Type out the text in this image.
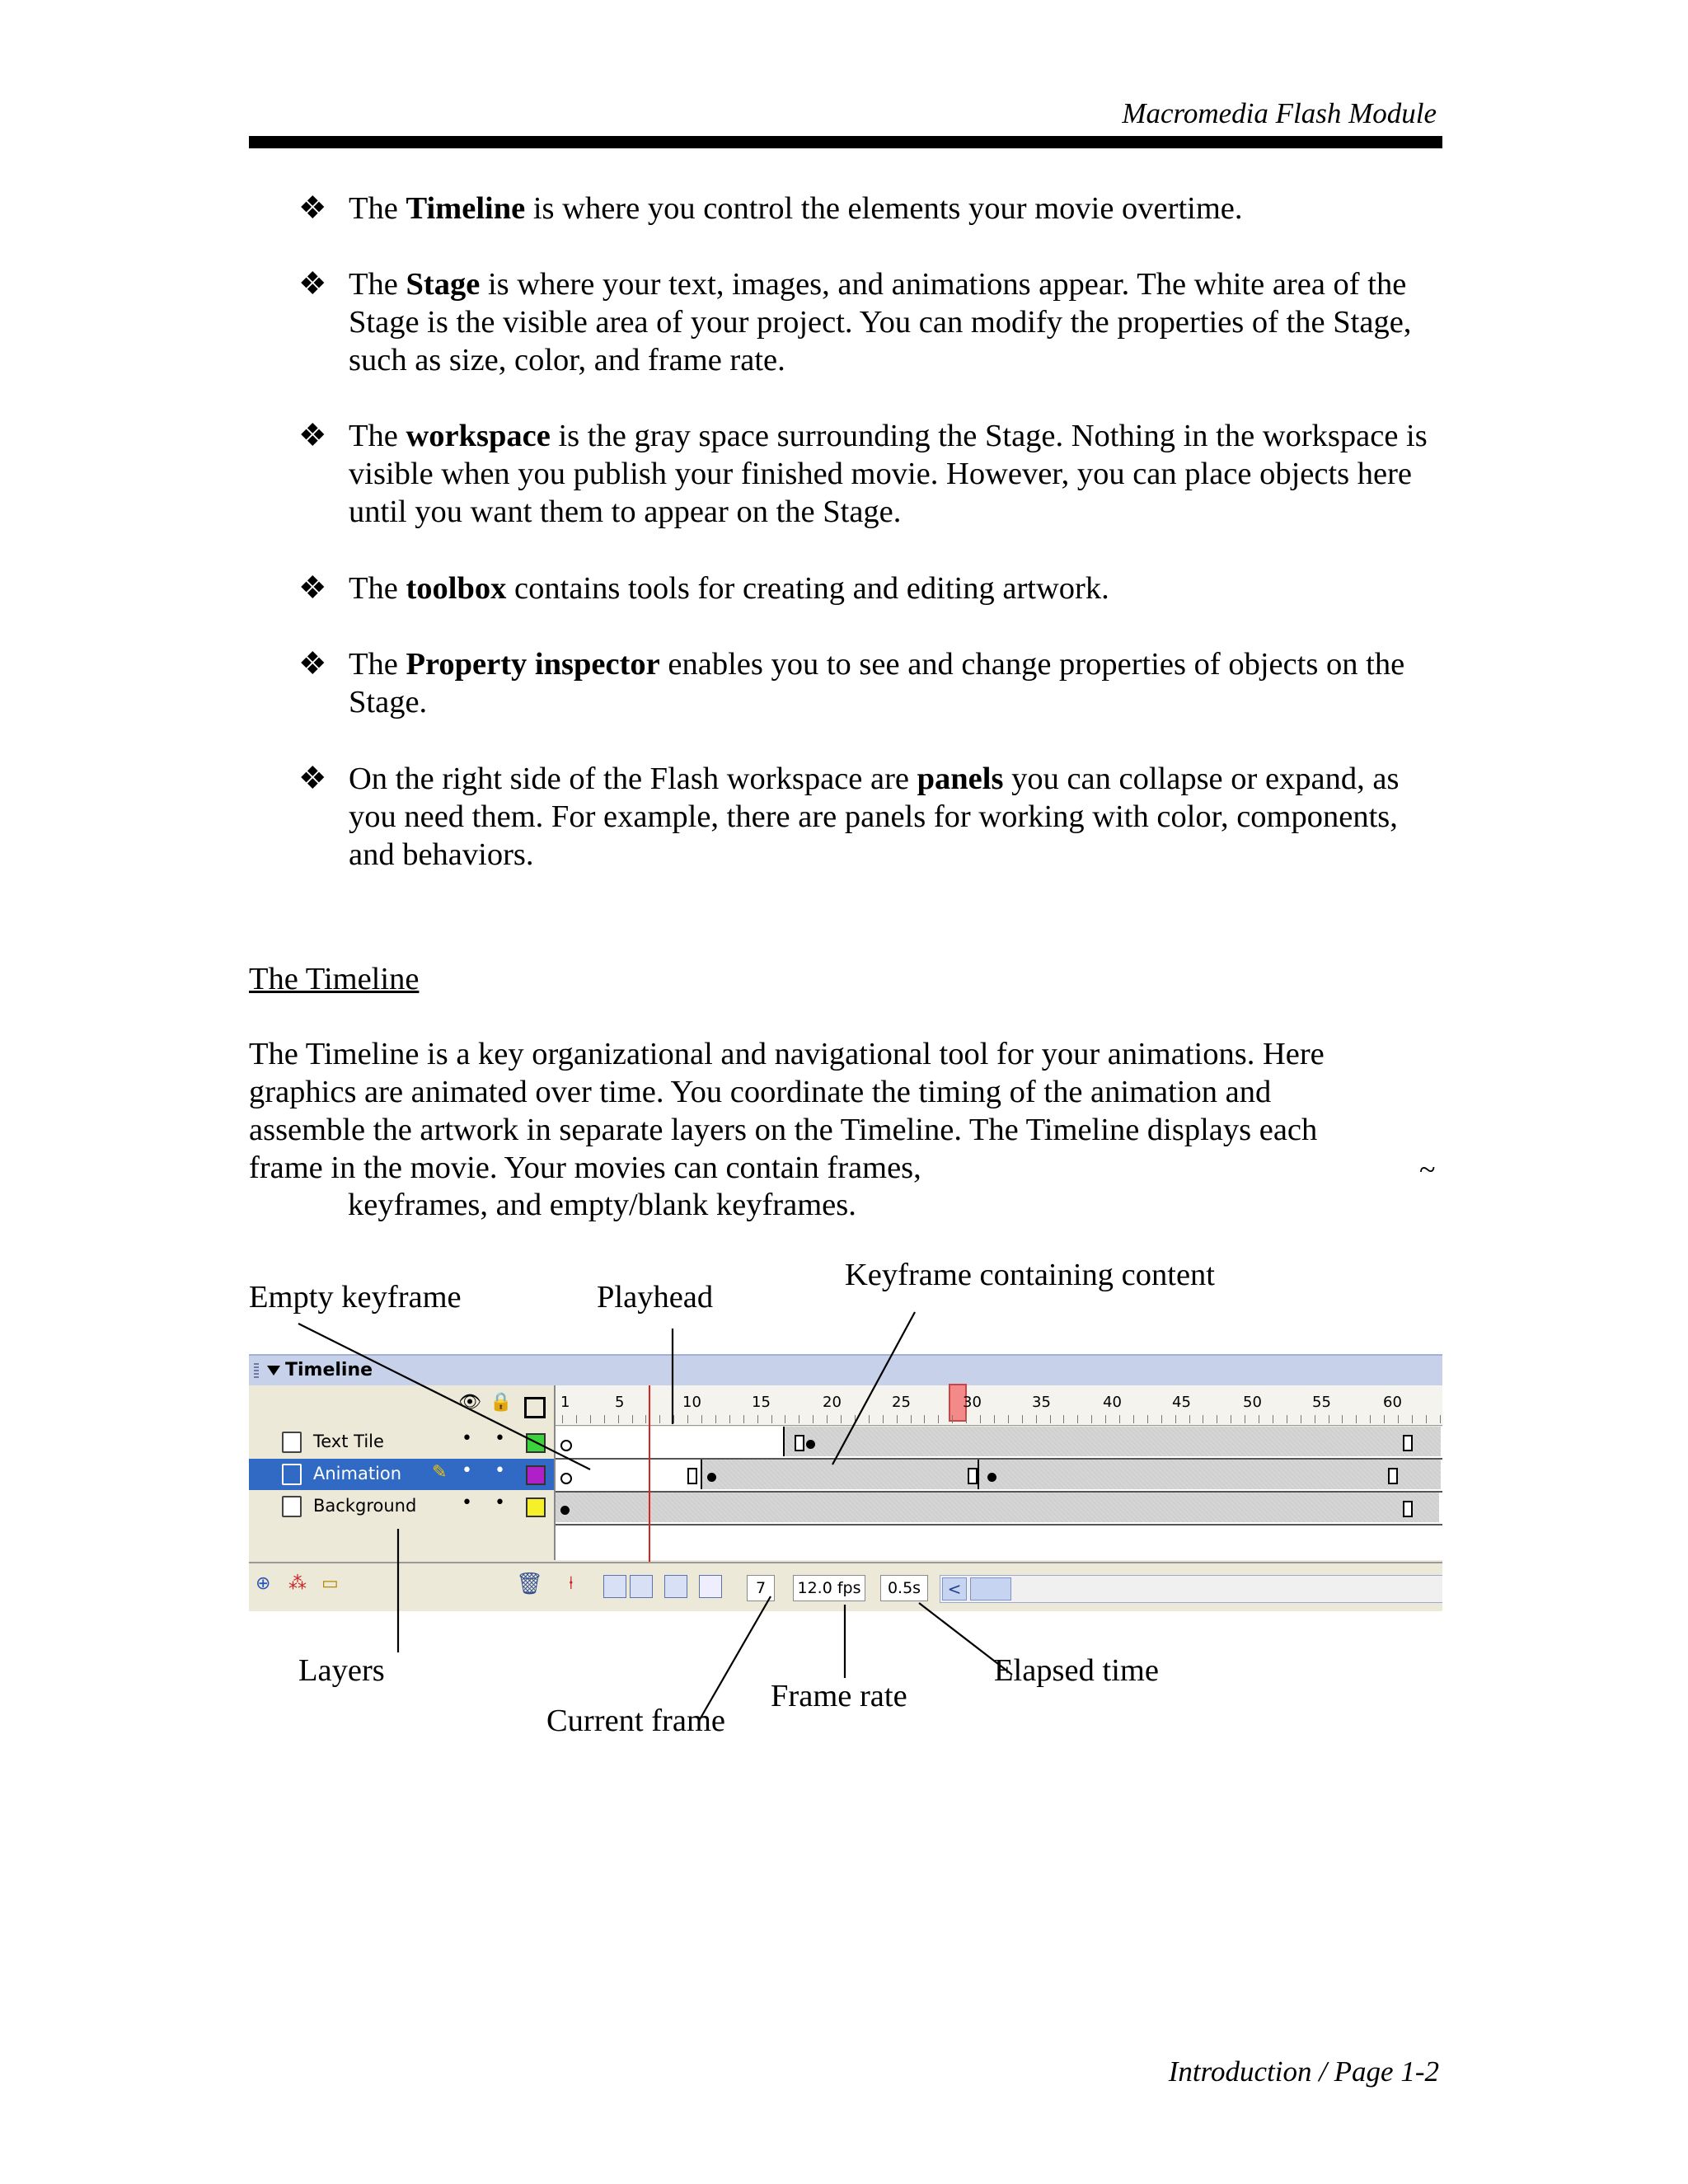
Macromedia Flash Module
❖ The Timeline is where you control the elements your movie overtime.
❖ The Stage is where your text, images, and animations appear. The white area of the Stage is the visible area of your project. You can modify the properties of the Stage, such as size, color, and frame rate.
❖ The workspace is the gray space surrounding the Stage. Nothing in the workspace is visible when you publish your finished movie. However, you can place objects here until you want them to appear on the Stage.
❖ The toolbox contains tools for creating and editing artwork.
❖ The Property inspector enables you to see and change properties of objects on the Stage.
❖ On the right side of the Flash workspace are panels you can collapse or expand, as you need them. For example, there are panels for working with color, components, and behaviors.
The Timeline
The Timeline is a key organizational and navigational tool for your animations. Here
graphics are animated over time. You coordinate the timing of the animation and
assemble the artwork in separate layers on the Timeline. The Timeline displays each
frame in the movie. Your movies can contain frames,	~
keyframes, and empty/blank keyframes.
Empty keyframe	Playhead
Keyframe containing content
Layers
Current frame
Frame rate
Elapsed time
Timeline
👁 🔒
Text Tile	• •
Animation ✎ • •
Background • •
1	5	10	15	20	25	30	35	40	45	50	55	60
⊕ ⁂ ▭	🗑 ⍿	7	12.0 fps	0.5s	<
Introduction / Page 1-2
